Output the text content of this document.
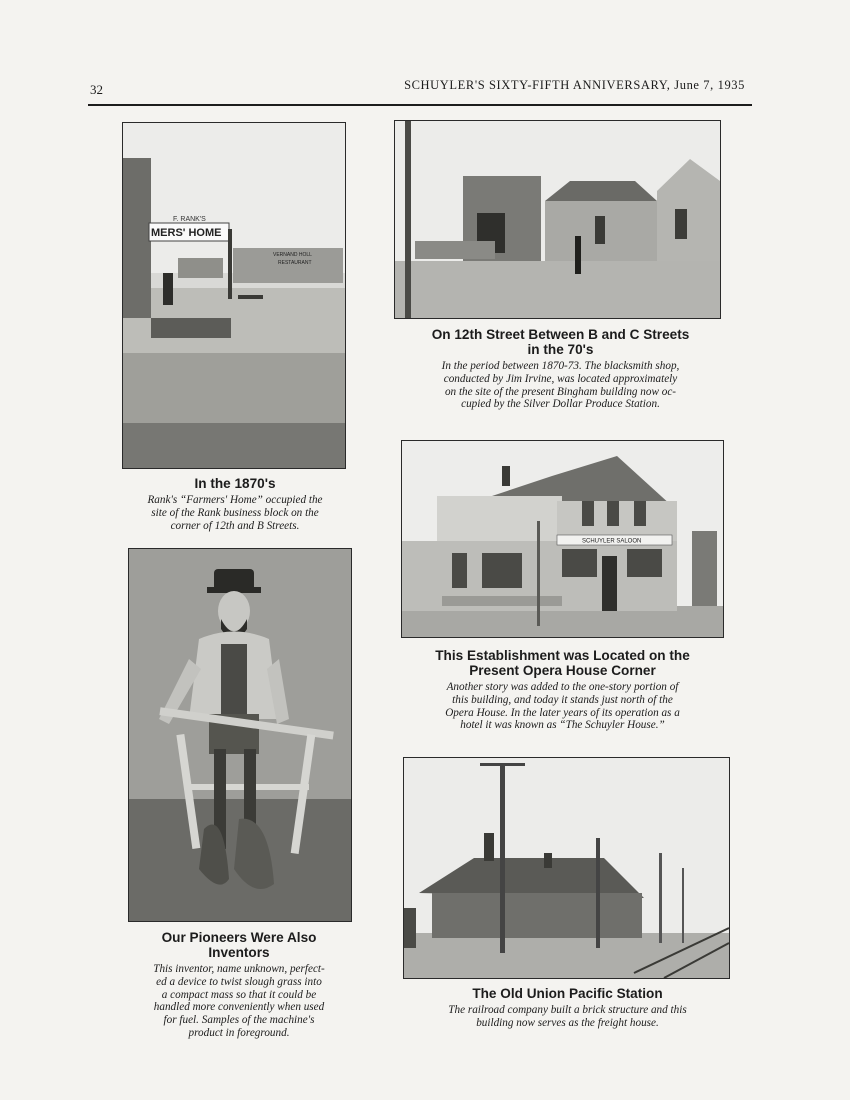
32	SCHUYLER'S SIXTY-FIFTH ANNIVERSARY, June 7, 1935
F. RANK'S
MERS' HOME
VERNAND HOLL
RESTAURANT
In the 1870's

Rank's “Farmers' Home” occupied the
site of the Rank business block on the
corner of 12th and B Streets.

On 12th Street Between B and C Streets
in the 70's

In the period between 1870-73. The blacksmith shop,
conducted by Jim Irvine, was located approximately
on the site of the present Bingham building now oc-
cupied by the Silver Dollar Produce Station.

SCHUYLER SALOON
This Establishment was Located on the
Present Opera House Corner

Another story was added to the one-story portion of
this building, and today it stands just north of the
Opera House. In the later years of its operation as a
hotel it was known as “The Schuyler House.”

Our Pioneers Were Also
Inventors

This inventor, name unknown, perfect-
ed a device to twist slough grass into
a compact mass so that it could be
handled more conveniently when used
for fuel. Samples of the machine's
product in foreground.

The Old Union Pacific Station

The railroad company built a brick structure and this
building now serves as the freight house.
